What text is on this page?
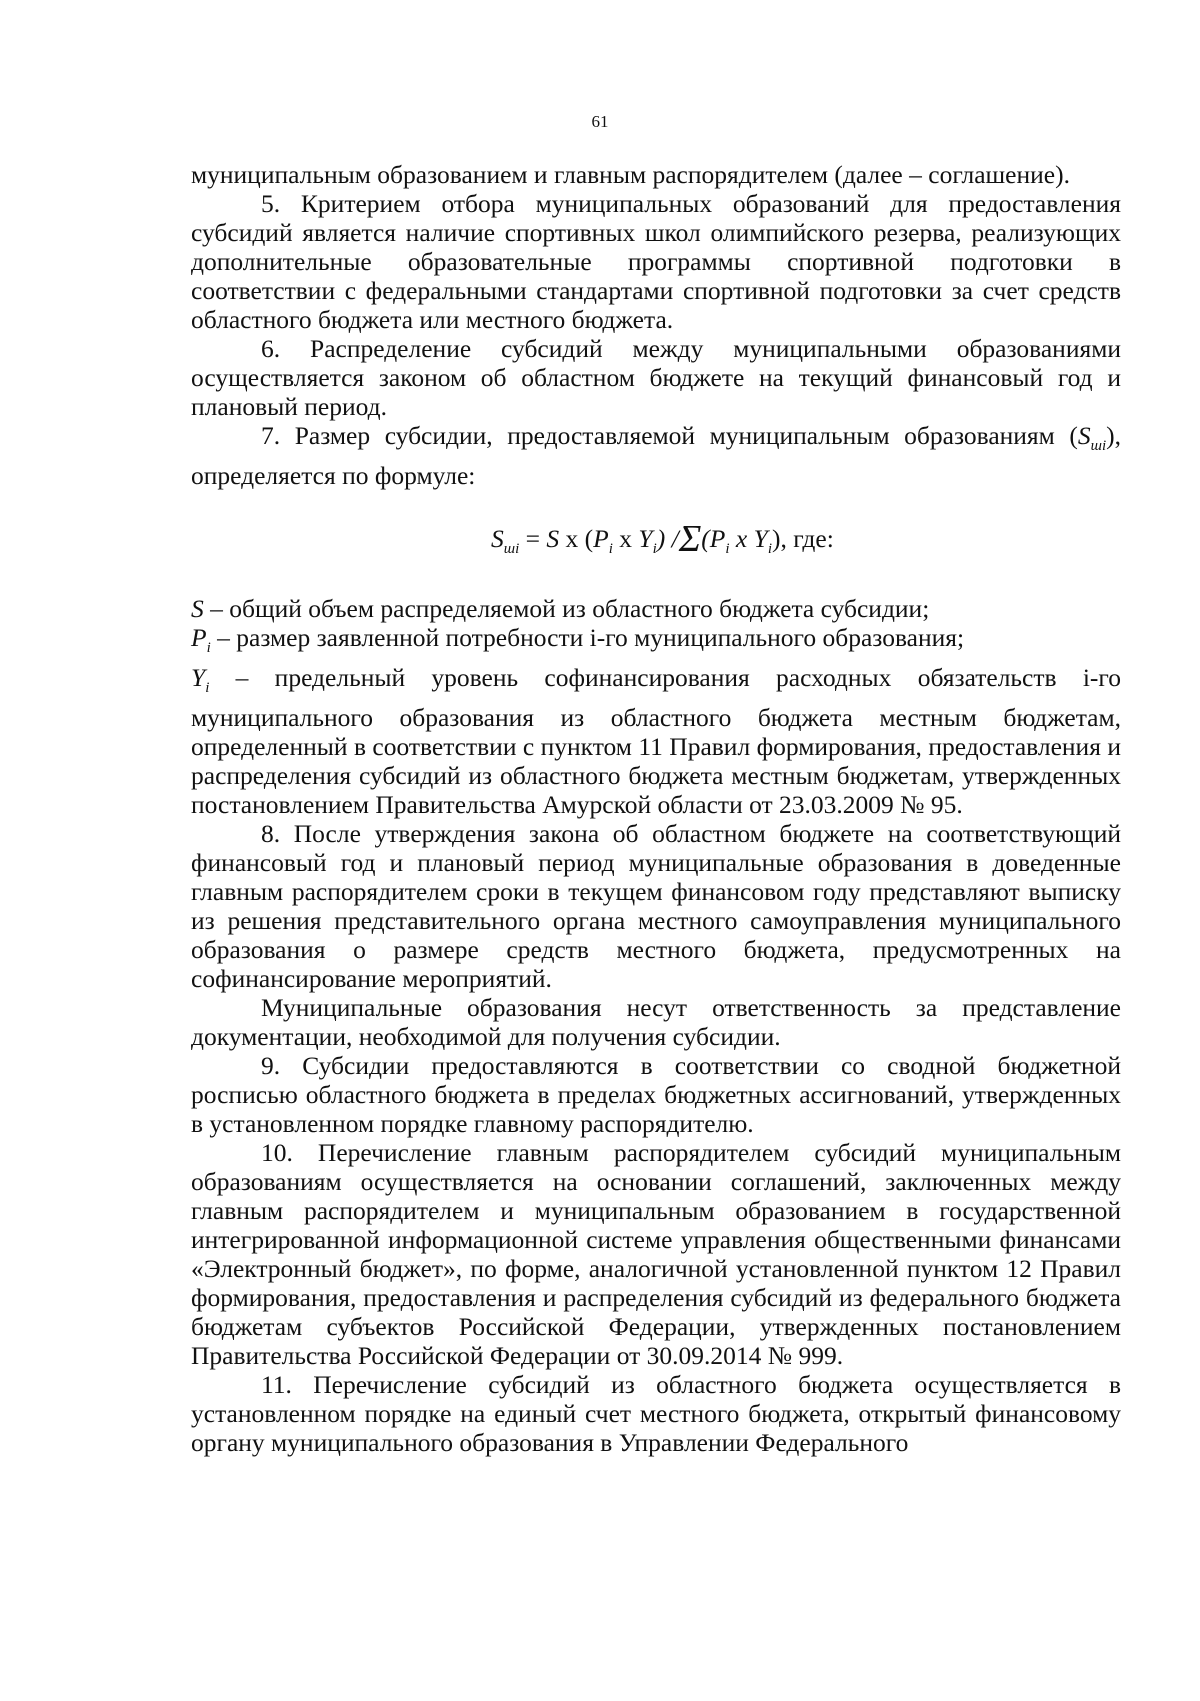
61

муниципальным образованием и главным распорядителем (далее – соглашение).

5. Критерием отбора муниципальных образований для предоставления субсидий является наличие спортивных школ олимпийского резерва, реализующих дополнительные образовательные программы спортивной подготовки в соответствии с федеральными стандартами спортивной подготовки за счет средств областного бюджета или местного бюджета.

6. Распределение субсидий между муниципальными образованиями осуществляется законом об областном бюджете на текущий финансовый год и плановый период.

7. Размер субсидии, предоставляемой муниципальным образованиям $(S_{шi})$, определяется по формуле:

$S_{шi} = S$ х ($P_i$ х $Y_i$) $/\Sigma(P_i$ х $Y_i$), где:

S – общий объем распределяемой из областного бюджета субсидии;

$P_i$ – размер заявленной потребности i-го муниципального образования;

$Y_i$ – предельный уровень софинансирования расходных обязательств i-го муниципального образования из областного бюджета местным бюджетам, определенный в соответствии с пунктом 11 Правил формирования, предоставления и распределения субсидий из областного бюджета местным бюджетам, утвержденных постановлением Правительства Амурской области от 23.03.2009 № 95.

8. После утверждения закона об областном бюджете на соответствующий финансовый год и плановый период муниципальные образования в доведенные главным распорядителем сроки в текущем финансовом году представляют выписку из решения представительного органа местного самоуправления муниципального образования о размере средств местного бюджета, предусмотренных на софинансирование мероприятий.

Муниципальные образования несут ответственность за представление документации, необходимой для получения субсидии.

9. Субсидии предоставляются в соответствии со сводной бюджетной росписью областного бюджета в пределах бюджетных ассигнований, утвержденных в установленном порядке главному распорядителю.

10. Перечисление главным распорядителем субсидий муниципальным образованиям осуществляется на основании соглашений, заключенных между главным распорядителем и муниципальным образованием в государственной интегрированной информационной системе управления общественными финансами «Электронный бюджет», по форме, аналогичной установленной пунктом 12 Правил формирования, предоставления и распределения субсидий из федерального бюджета бюджетам субъектов Российской Федерации, утвержденных постановлением Правительства Российской Федерации от 30.09.2014 № 999.

11. Перечисление субсидий из областного бюджета осуществляется в установленном порядке на единый счет местного бюджета, открытый финансовому органу муниципального образования в Управлении Федерального
